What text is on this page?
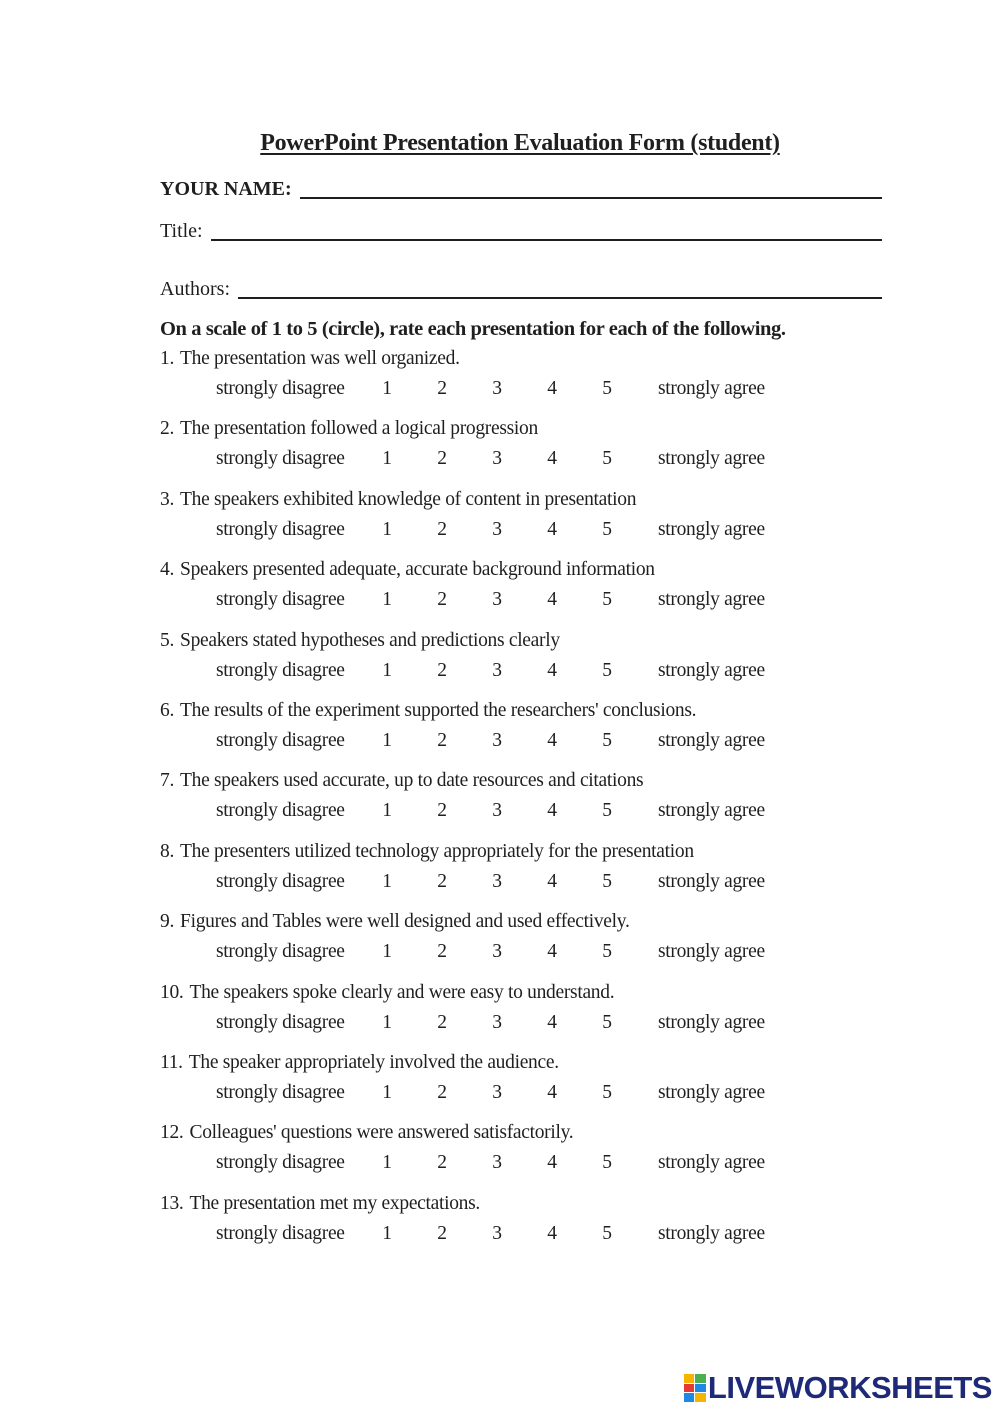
PowerPoint Presentation Evaluation Form (student)
YOUR NAME:
Title:
Authors:

On a scale of 1 to 5 (circle), rate each presentation for each of the following.

1. The presentation was well organized.
strongly disagree 1 2 3 4 5 strongly agree
2. The presentation followed a logical progression
strongly disagree 1 2 3 4 5 strongly agree
3. The speakers exhibited knowledge of content in presentation
strongly disagree 1 2 3 4 5 strongly agree
4. Speakers presented adequate, accurate background information
strongly disagree 1 2 3 4 5 strongly agree
5. Speakers stated hypotheses and predictions clearly
strongly disagree 1 2 3 4 5 strongly agree
6. The results of the experiment supported the researchers' conclusions.
strongly disagree 1 2 3 4 5 strongly agree
7. The speakers used accurate, up to date resources and citations
strongly disagree 1 2 3 4 5 strongly agree
8. The presenters utilized technology appropriately for the presentation
strongly disagree 1 2 3 4 5 strongly agree
9. Figures and Tables were well designed and used effectively.
strongly disagree 1 2 3 4 5 strongly agree
10. The speakers spoke clearly and were easy to understand.
strongly disagree 1 2 3 4 5 strongly agree
11. The speaker appropriately involved the audience.
strongly disagree 1 2 3 4 5 strongly agree
12. Colleagues' questions were answered satisfactorily.
strongly disagree 1 2 3 4 5 strongly agree
13. The presentation met my expectations.
strongly disagree 1 2 3 4 5 strongly agree
LIVEWORKSHEETS
